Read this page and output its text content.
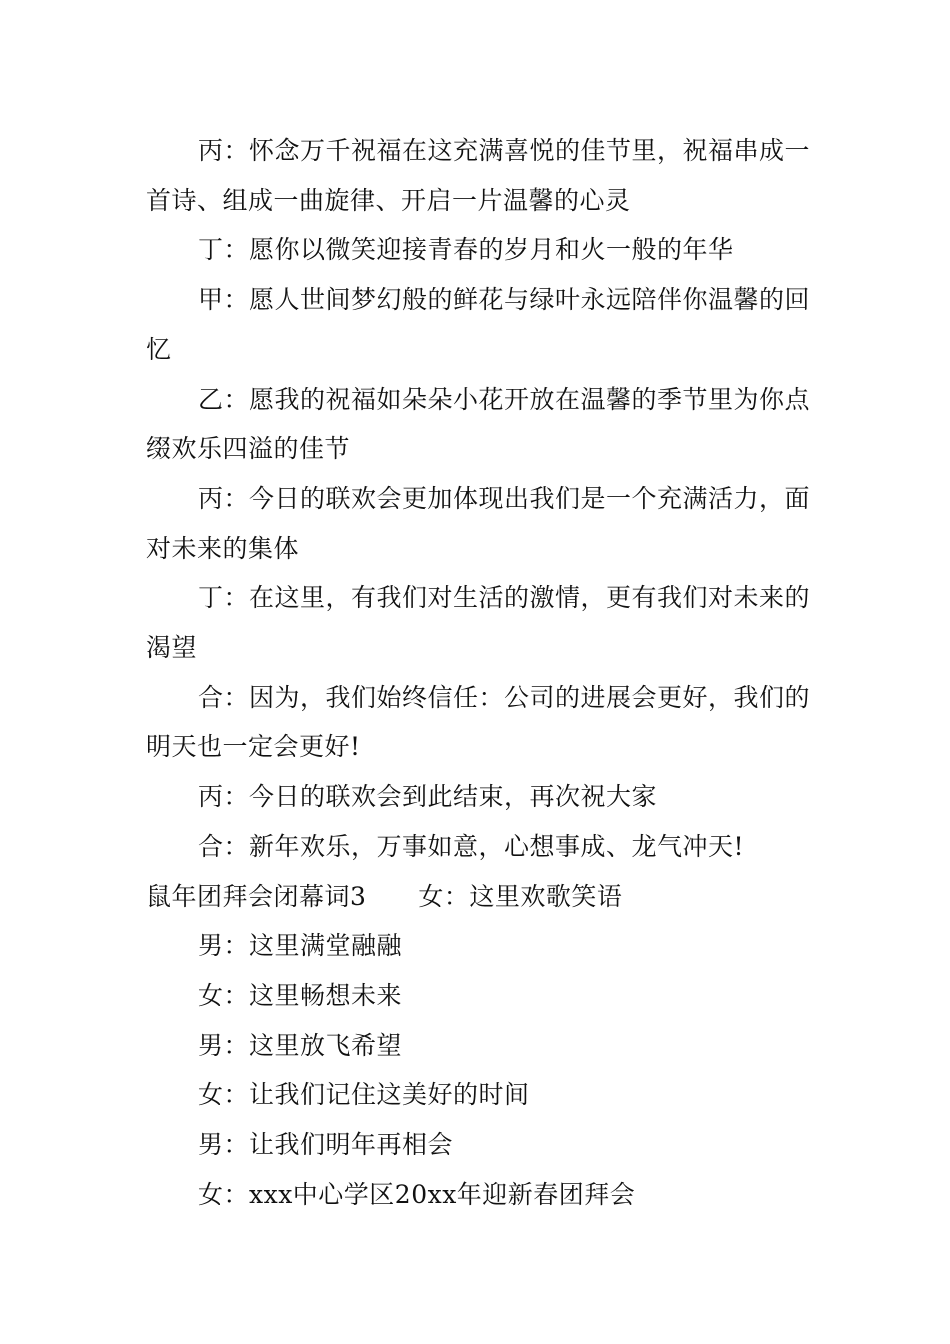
丙：怀念万千祝福在这充满喜悦的佳节里，祝福串成一首诗、组成一曲旋律、开启一片温馨的心灵

丁：愿你以微笑迎接青春的岁月和火一般的年华

甲：愿人世间梦幻般的鲜花与绿叶永远陪伴你温馨的回忆

乙：愿我的祝福如朵朵小花开放在温馨的季节里为你点缀欢乐四溢的佳节

丙：今日的联欢会更加体现出我们是一个充满活力，面对未来的集体

丁：在这里，有我们对生活的激情，更有我们对未来的渴望

合：因为，我们始终信任：公司的进展会更好，我们的明天也一定会更好!

丙：今日的联欢会到此结束，再次祝大家

合：新年欢乐，万事如意，心想事成、龙气冲天!

鼠年团拜会闭幕词3 女：这里欢歌笑语

男：这里满堂融融

女：这里畅想未来

男：这里放飞希望

女：让我们记住这美好的时间

男：让我们明年再相会

女：xxx中心学区20xx年迎新春团拜会
